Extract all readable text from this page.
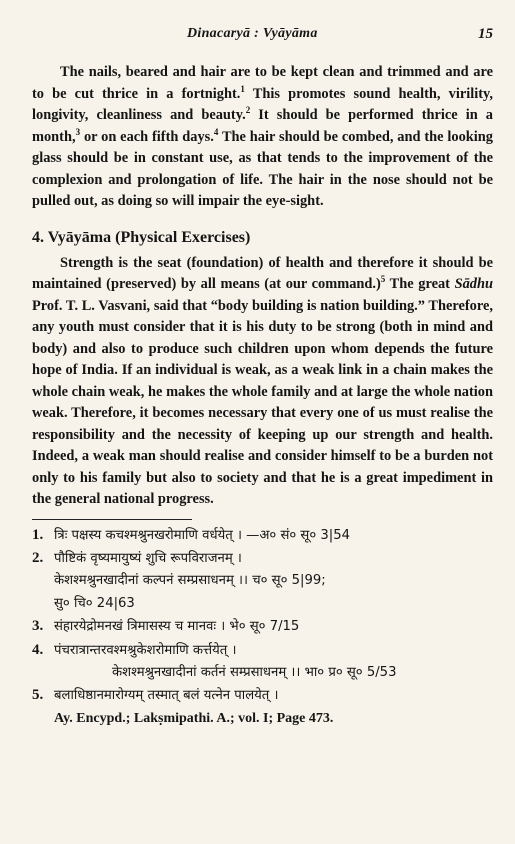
Dinacaryā : Vyāyāma	15

The nails, beared and hair are to be kept clean and trimmed and are to be cut thrice in a fortnight.$^1$ This promotes sound health, virility, longivity, cleanliness and beauty.$^2$ It should be performed thrice in a month,$^3$ or on each fifth days.$^4$ The hair should be combed, and the looking glass should be in constant use, as that tends to the improvement of the complexion and prolongation of life. The hair in the nose should not be pulled out, as doing so will impair the eye-sight.

4. Vyāyāma (Physical Exercises)

Strength is the seat (foundation) of health and therefore it should be maintained (preserved) by all means (at our command.)$^5$ The great Sādhu Prof. T. L. Vasvani, said that “body building is nation building.” Therefore, any youth must consider that it is his duty to be strong (both in mind and body) and also to produce such children upon whom depends the future hope of India. If an individual is weak, as a weak link in a chain makes the whole chain weak, he makes the whole family and at large the whole nation weak. Therefore, it becomes necessary that every one of us must realise the responsibility and the necessity of keeping up our strength and health. Indeed, a weak man should realise and consider himself to be a burden not only to his family but also to society and that he is a great impediment in the general national progress.

1. त्रिः पक्षस्य कचश्मश्रुनखरोमाणि वर्धयेत् । —अ० सं० सू० 3|54
2. पौष्टिकं वृष्यमायुष्यं शुचि रूपविराजनम् ।
केशश्मश्रुनखादीनां कल्पनं सम्प्रसाधनम् ।। च० सू० 5|99;
सु० चि० 24|63
3. संहारयेद्रोमनखं त्रिमासस्य च मानवः । भे० सू० 7/15
4. पंचरात्रान्तरवश्मश्रुकेशरोमाणि कर्त्तयेत् ।
केशश्मश्रुनखादीनां कर्तनं सम्प्रसाधनम् ।। भा० प्र० सू० 5/53
5. बलाधिष्ठानमारोग्यम् तस्मात् बलं यत्नेन पालयेत् ।
Ay. Encypd.; Lakṣmipathi. A.; vol. I; Page 473.
